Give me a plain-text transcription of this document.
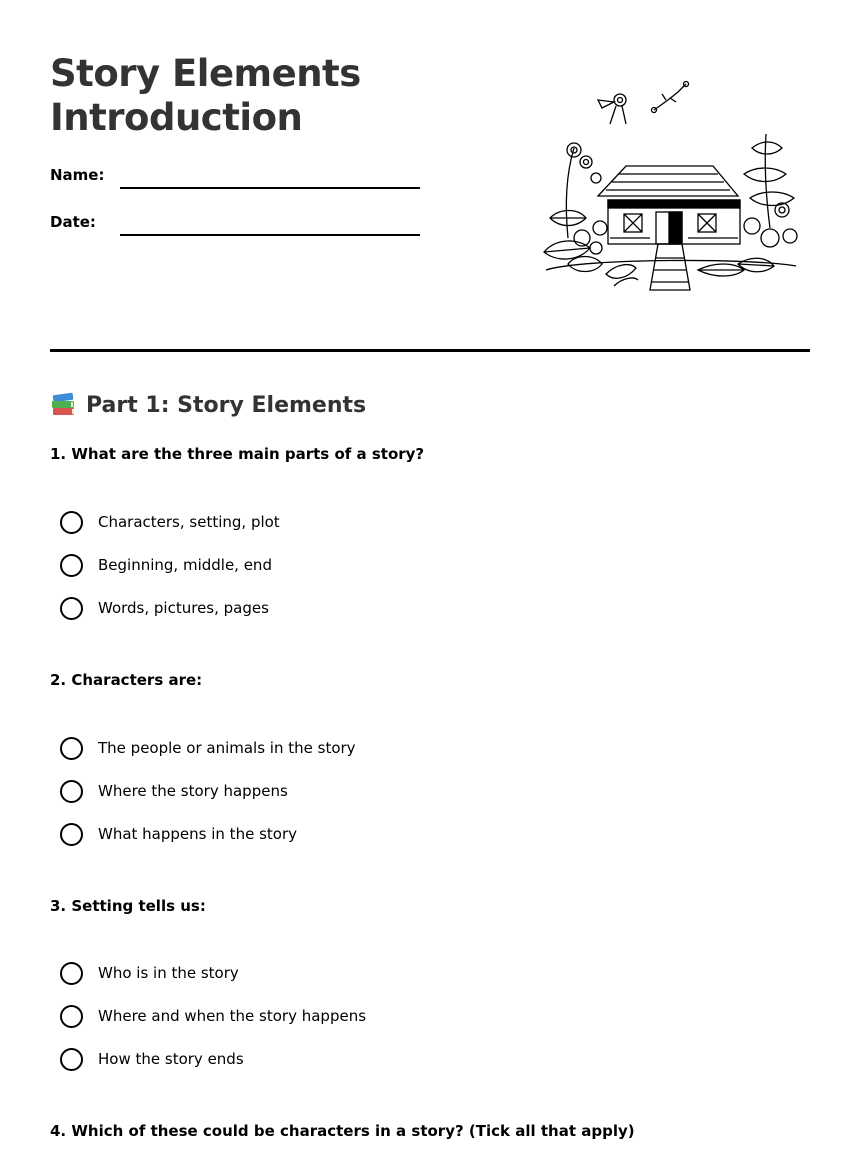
Story Elements
Introduction
Name:
Date:
Part 1: Story Elements
1. What are the three main parts of a story?
Characters, setting, plot
Beginning, middle, end
Words, pictures, pages
2. Characters are:
The people or animals in the story
Where the story happens
What happens in the story
3. Setting tells us:
Who is in the story
Where and when the story happens
How the story ends
4. Which of these could be characters in a story? (Tick all that apply)
